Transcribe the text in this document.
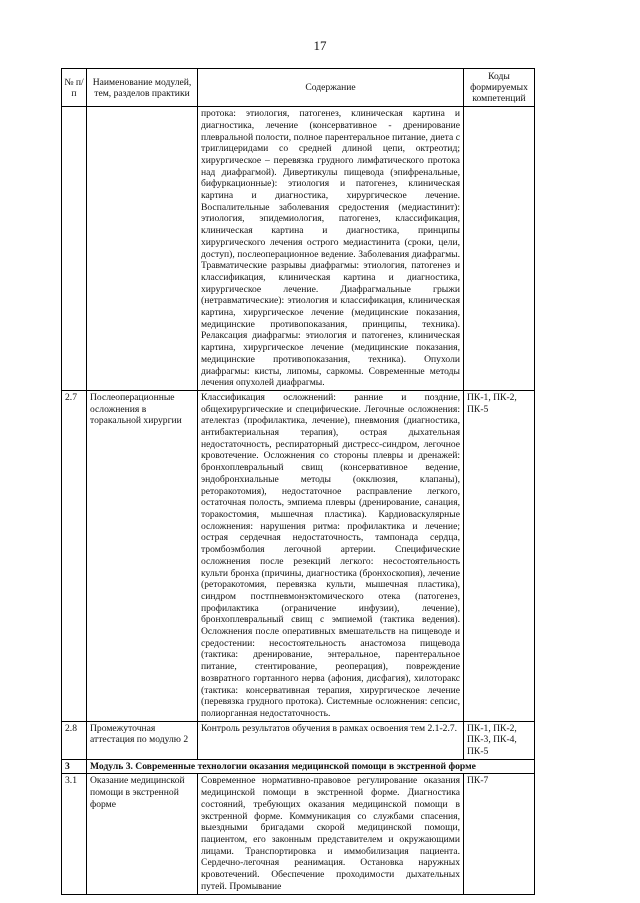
17
№ п/п	Наименование модулей, тем, разделов практики	Содержание	Коды формируемых компетенций
		протока: этиология, патогенез, клиническая картина и диагностика, лечение (консервативное - дренирование плевральной полости, полное парентеральное питание, диета с триглицеридами со средней длиной цепи, октреотид; хирургическое – перевязка грудного лимфатического протока над диафрагмой). Дивертикулы пищевода (эпифренальные, бифуркационные): этиология и патогенез, клиническая картина и диагностика, хирургическое лечение. Воспалительные заболевания средостения (медиастинит): этиология, эпидемиология, патогенез, классификация, клиническая картина и диагностика, принципы хирургического лечения острого медиастинита (сроки, цели, доступ), послеоперационное ведение. Заболевания диафрагмы. Травматические разрывы диафрагмы: этиология, патогенез и классификация, клиническая картина и диагностика, хирургическое лечение. Диафрагмальные грыжи (нетравматические): этиология и классификация, клиническая картина, хирургическое лечение (медицинские показания, медицинские противопоказания, принципы, техника). Релаксация диафрагмы: этиология и патогенез, клиническая картина, хирургическое лечение (медицинские показания, медицинские противопоказания, техника). Опухоли диафрагмы: кисты, липомы, саркомы. Современные методы лечения опухолей диафрагмы.	
2.7	Послеоперационные осложнения в торакальной хирургии	Классификация осложнений: ранние и поздние, общехирургические и специфические. Легочные осложнения: ателектаз (профилактика, лечение), пневмония (диагностика, антибактериальная терапия), острая дыхательная недостаточность, респираторный дистресс-синдром, легочное кровотечение. Осложнения со стороны плевры и дренажей: бронхоплевральный свищ (консервативное ведение, эндобронхиальные методы (окклюзия, клапаны), реторакотомия), недостаточное расправление легкого, остаточная полость, эмпиема плевры (дренирование, санация, торакостомия, мышечная пластика). Кардиоваскулярные осложнения: нарушения ритма: профилактика и лечение; острая сердечная недостаточность, тампонада сердца, тромбоэмболия легочной артерии. Специфические осложнения после резекций легкого: несостоятельность культи бронха (причины, диагностика (бронхоскопия), лечение (реторакотомия, перевязка культи, мышечная пластика), синдром постпневмонэктомического отека (патогенез, профилактика (ограничение инфузии), лечение), бронхоплевральный свищ с эмпиемой (тактика ведения). Осложнения после оперативных вмешательств на пищеводе и средостении: несостоятельность анастомоза пищевода (тактика: дренирование, энтеральное, парентеральное питание, стентирование, реоперация), повреждение возвратного гортанного нерва (афония, дисфагия), хилоторакс (тактика: консервативная терапия, хирургическое лечение (перевязка грудного протока). Системные осложнения: сепсис, полиорганная недостаточность.	ПК-1, ПК-2, ПК-5
2.8	Промежуточная аттестация по модулю 2	Контроль результатов обучения в рамках освоения тем 2.1-2.7.	ПК-1, ПК-2, ПК-3, ПК-4, ПК-5
3	Модуль 3. Современные технологии оказания медицинской помощи в экстренной форме		
3.1	Оказание медицинской помощи в экстренной форме	Современное нормативно-правовое регулирование оказания медицинской помощи в экстренной форме. Диагностика состояний, требующих оказания медицинской помощи в экстренной форме. Коммуникация со службами спасения, выездными бригадами скорой медицинской помощи, пациентом, его законным представителем и окружающими лицами. Транспортировка и иммобилизация пациента. Сердечно-легочная реанимация. Остановка наружных кровотечений. Обеспечение проходимости дыхательных путей. Промывание	ПК-7
